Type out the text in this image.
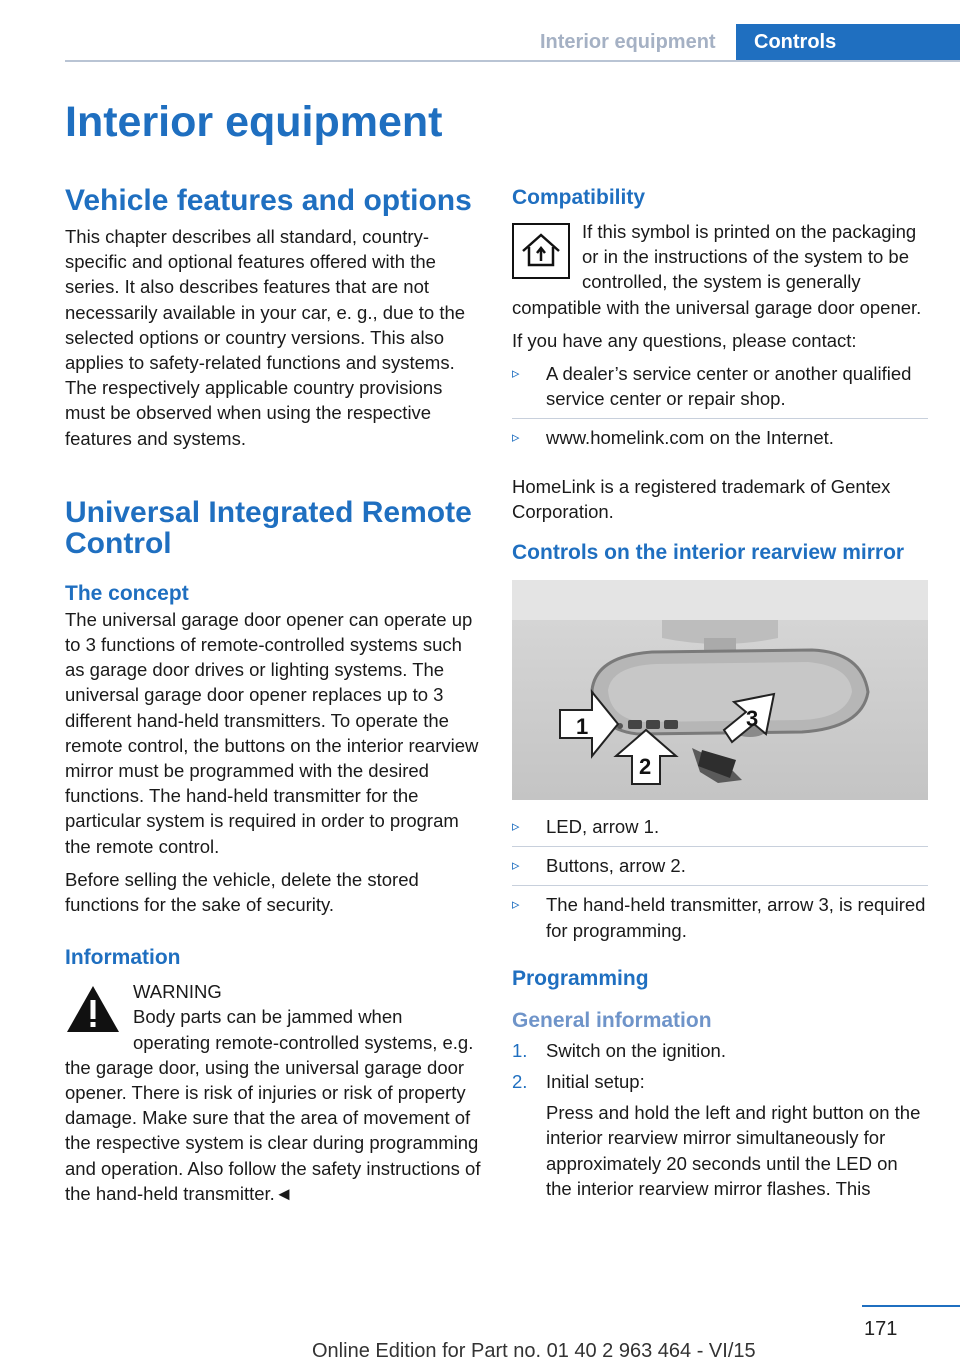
Interior equipment	Controls
Interior equipment
Vehicle features and options

This chapter describes all standard, country-specific and optional features offered with the series. It also describes features that are not necessarily available in your car, e. g., due to the selected options or country versions. This also applies to safety-related functions and systems. The respectively applicable country provisions must be observed when using the respective features and systems.

Universal Integrated Remote Control
The concept

The universal garage door opener can operate up to 3 functions of remote-controlled systems such as garage door drives or lighting systems. The universal garage door opener replaces up to 3 different hand-held transmitters. To operate the remote control, the buttons on the interior rearview mirror must be programmed with the desired functions. The hand-held transmitter for the particular system is required in order to program the remote control.

Before selling the vehicle, delete the stored functions for the sake of security.

Information

WARNING

Body parts can be jammed when operating remote-controlled systems, e.g. the garage door, using the universal garage door opener. There is risk of injuries or risk of property damage. Make sure that the area of movement of the respective system is clear during programming and operation. Also follow the safety instructions of the hand-held transmitter.◄

Compatibility

If this symbol is printed on the packaging or in the instructions of the system to be controlled, the system is generally compatible with the universal garage door opener.

If you have any questions, please contact:

▹ A dealer’s service center or another qualified service center or repair shop.
▹ www.homelink.com on the Internet.

HomeLink is a registered trademark of Gentex Corporation.

Controls on the interior rearview mirror
1
2
3
▹ LED, arrow 1.
▹ Buttons, arrow 2.
▹ The hand-held transmitter, arrow 3, is required for programming.
Programming
General information
1. Switch on the ignition.
2. Initial setup:

Press and hold the left and right button on the interior rearview mirror simultaneously for approximately 20 seconds until the LED on the interior rearview mirror flashes. This

171
Online Edition for Part no. 01 40 2 963 464 - VI/15
